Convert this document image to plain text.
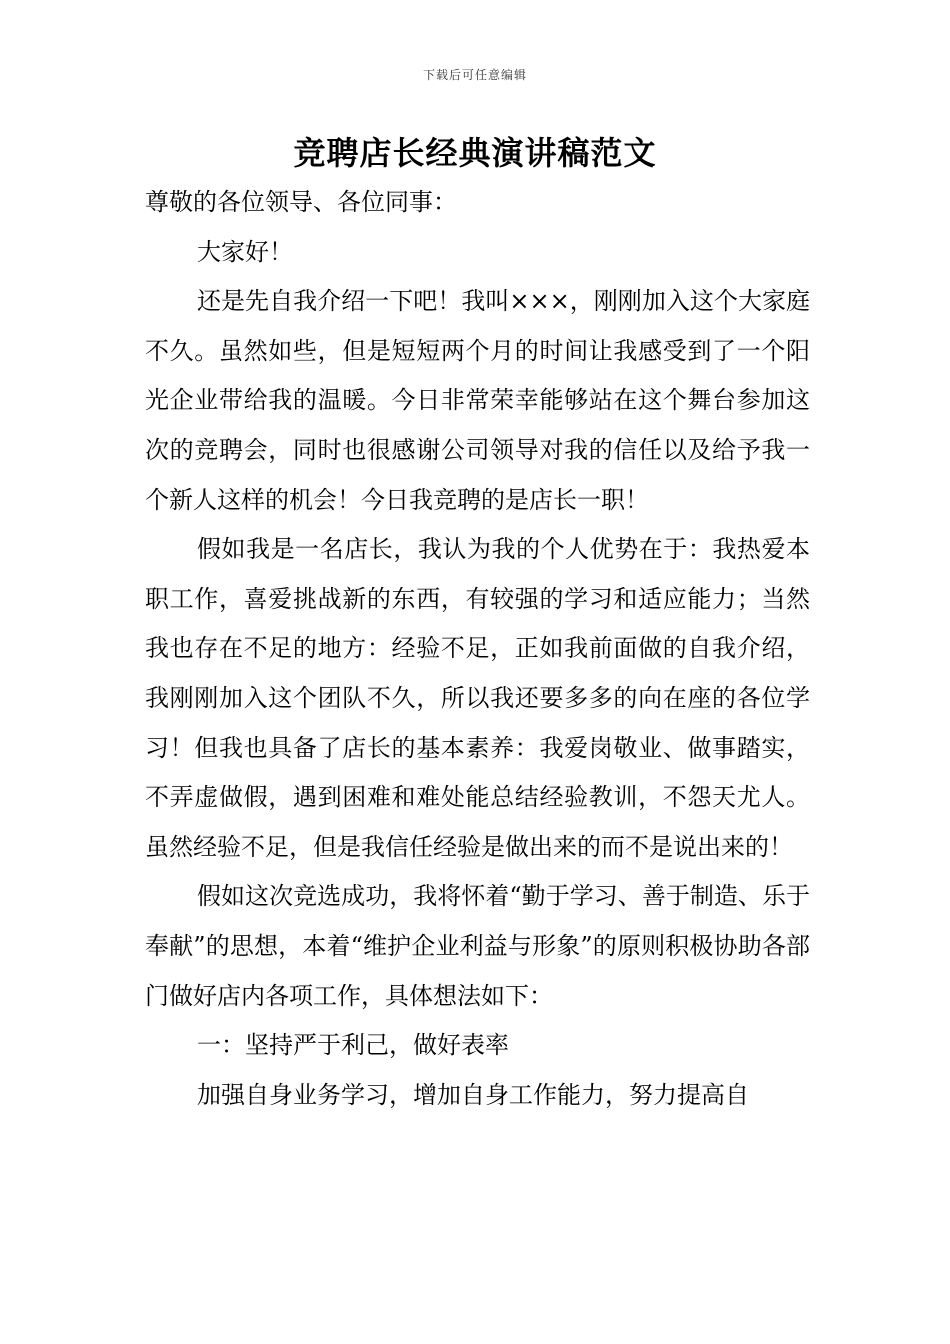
下载后可任意编辑
竞聘店长经典演讲稿范文

尊敬的各位领导、各位同事：

大家好！

还是先自我介绍一下吧！我叫×××，刚刚加入这个大家庭不久。虽然如些，但是短短两个月的时间让我感受到了一个阳光企业带给我的温暖。今日非常荣幸能够站在这个舞台参加这次的竞聘会，同时也很感谢公司领导对我的信任以及给予我一个新人这样的机会！今日我竞聘的是店长一职！

假如我是一名店长，我认为我的个人优势在于：我热爱本职工作，喜爱挑战新的东西，有较强的学习和适应能力；当然我也存在不足的地方：经验不足，正如我前面做的自我介绍，我刚刚加入这个团队不久，所以我还要多多的向在座的各位学习！但我也具备了店长的基本素养：我爱岗敬业、做事踏实，不弄虚做假，遇到困难和难处能总结经验教训，不怨天尤人。虽然经验不足，但是我信任经验是做出来的而不是说出来的！

假如这次竞选成功，我将怀着“勤于学习、善于制造、乐于奉献”的思想，本着“维护企业利益与形象”的原则积极协助各部门做好店内各项工作，具体想法如下：

一：坚持严于利己，做好表率

加强自身业务学习，增加自身工作能力，努力提高自
